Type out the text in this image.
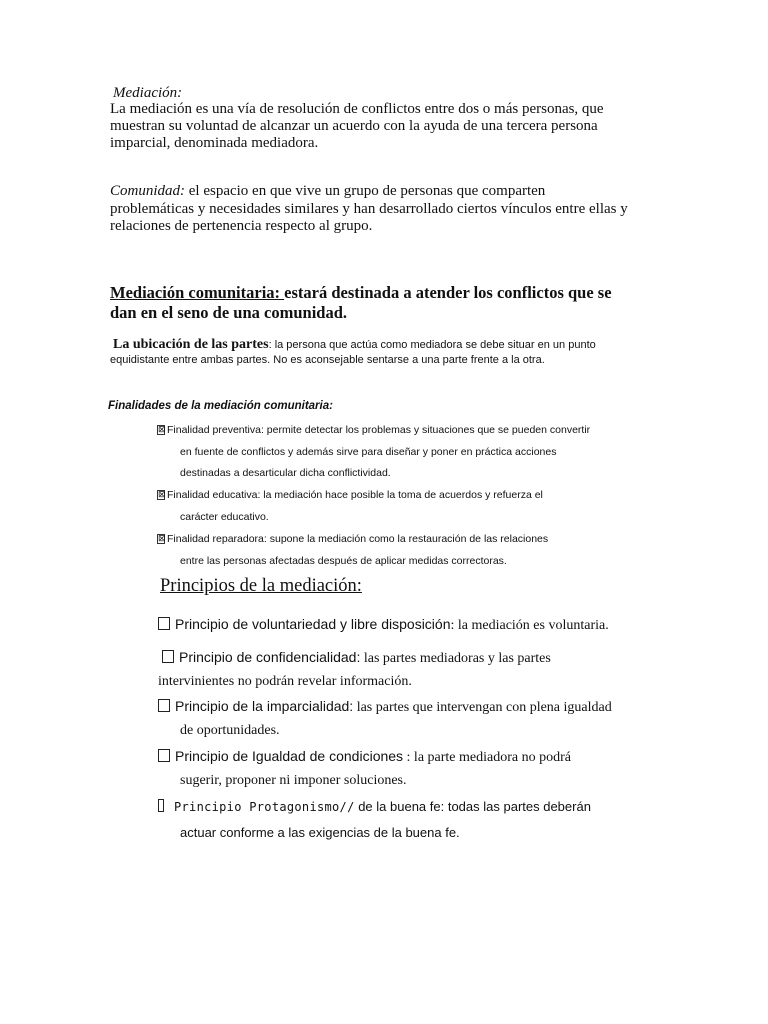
Mediación:
La mediación es una vía de resolución de conflictos entre dos o más personas, que
muestran su voluntad de alcanzar un acuerdo con la ayuda de una tercera persona
imparcial, denominada mediadora.
Comunidad: el espacio en que vive un grupo de personas que comparten
problemáticas y necesidades similares y han desarrollado ciertos vínculos entre ellas y
relaciones de pertenencia respecto al grupo.
Mediación comunitaria: estará destinada a atender los conflictos que se
dan en el seno de una comunidad.
La ubicación de las partes: la persona que actúa como mediadora se debe situar en un punto
equidistante entre ambas partes. No es aconsejable sentarse a una parte frente a la otra.
Finalidades de la mediación comunitaria:
⊠Finalidad preventiva: permite detectar los problemas y situaciones que se pueden convertir
en fuente de conflictos y además sirve para diseñar y poner en práctica acciones
destinadas a desarticular dicha conflictividad.
⊠Finalidad educativa: la mediación hace posible la toma de acuerdos y refuerza el
carácter educativo.
⊠Finalidad reparadora: supone la mediación como la restauración de las relaciones
entre las personas afectadas después de aplicar medidas correctoras.
Principios de la mediación:
Principio de voluntariedad y libre disposición: la mediación es voluntaria.
Principio de confidencialidad: las partes mediadoras y las partes
intervinientes no podrán revelar información.
Principio de la imparcialidad: las partes que intervengan con plena igualdad
de oportunidades.
Principio de Igualdad de condiciones : la parte mediadora no podrá
sugerir, proponer ni imponer soluciones.
Principio Protagonismo// de la buena fe: todas las partes deberán
actuar conforme a las exigencias de la buena fe.
